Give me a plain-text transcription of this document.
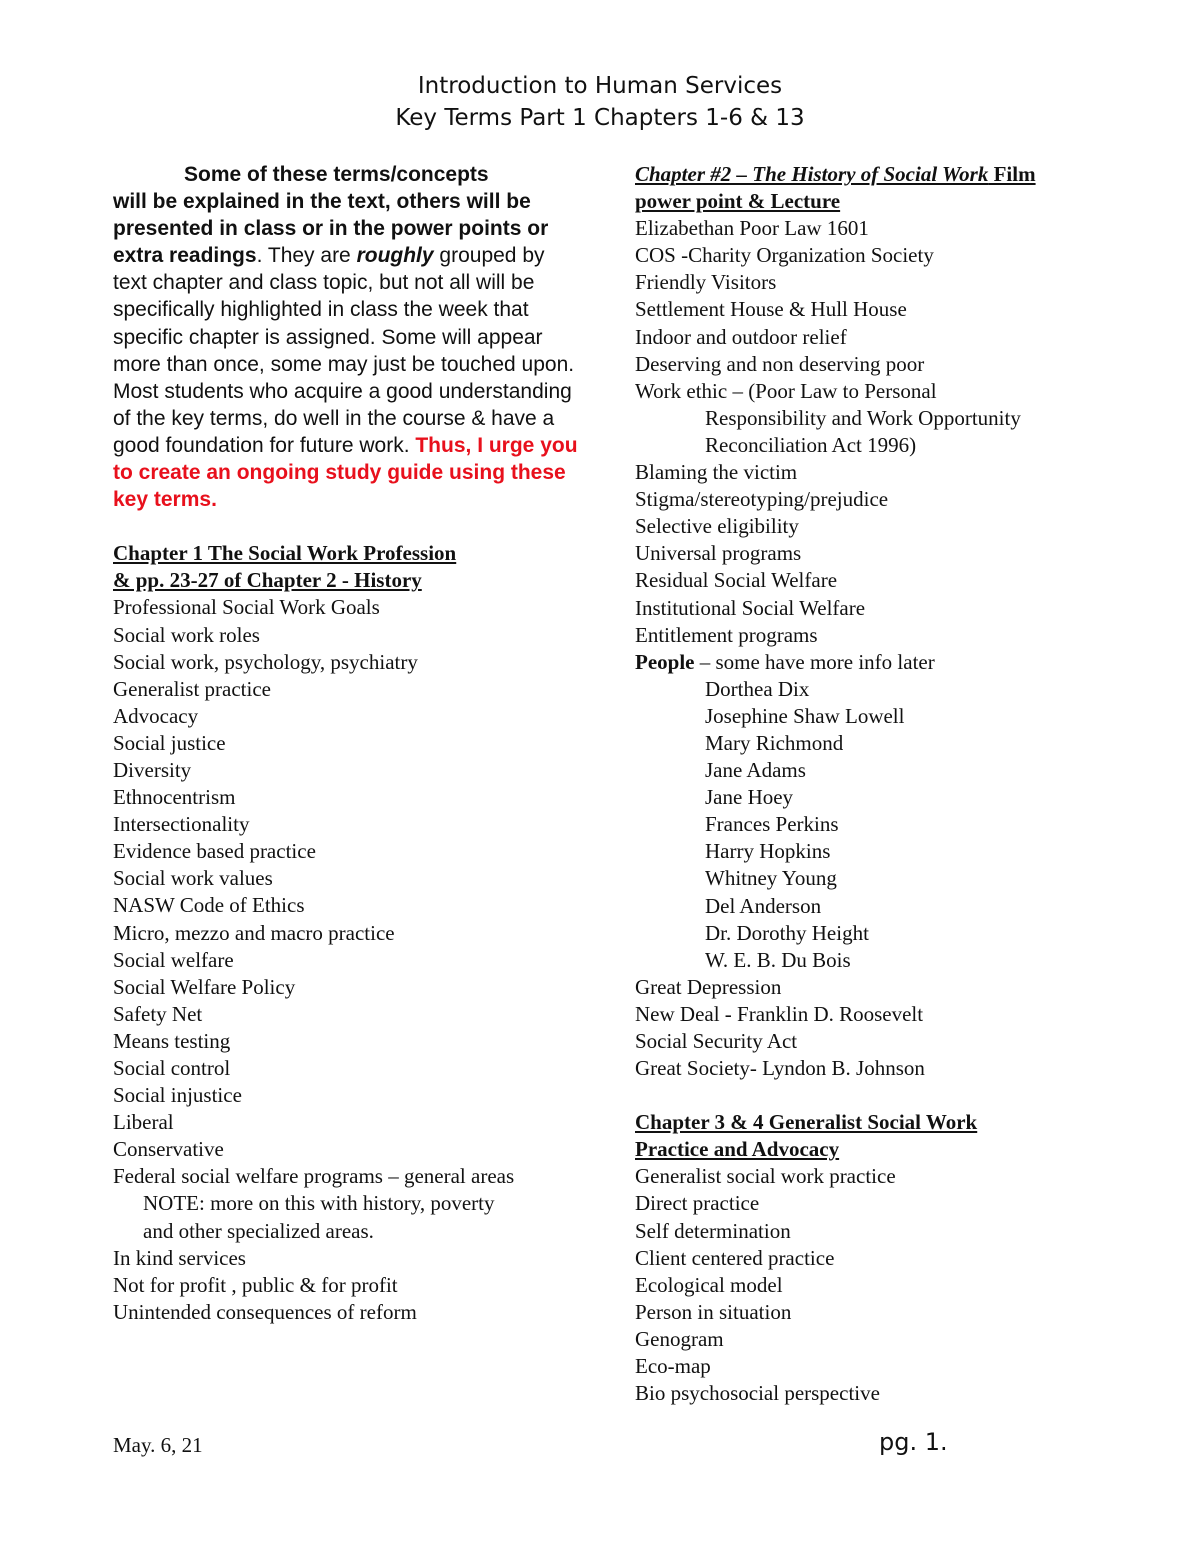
Introduction to Human Services
Key Terms Part 1 Chapters 1-6 & 13
Some of these terms/concepts
will be explained in the text, others will be presented in class or in the power points or extra readings. They are roughly grouped by text chapter and class topic, but not all will be specifically highlighted in class the week that specific chapter is assigned. Some will appear more than once, some may just be touched upon. Most students who acquire a good understanding of the key terms, do well in the course & have a good foundation for future work. Thus, I urge you to create an ongoing study guide using these key terms.
Chapter 1 The Social Work Profession
& pp. 23-27 of Chapter 2 - History
Professional Social Work Goals
Social work roles
Social work, psychology, psychiatry
Generalist practice
Advocacy
Social justice
Diversity
Ethnocentrism
Intersectionality
Evidence based practice
Social work values
NASW Code of Ethics
Micro, mezzo and macro practice
Social welfare
Social Welfare Policy
Safety Net
Means testing
Social control
Social injustice
Liberal
Conservative
Federal social welfare programs – general areas
NOTE: more on this with history, poverty
and other specialized areas.
In kind services
Not for profit , public & for profit
Unintended consequences of reform
Chapter #2 – The History of Social Work Film
power point & Lecture
Elizabethan Poor Law 1601
COS -Charity Organization Society
Friendly Visitors
Settlement House & Hull House
Indoor and outdoor relief
Deserving and non deserving poor
Work ethic – (Poor Law to Personal
Responsibility and Work Opportunity
Reconciliation Act 1996)
Blaming the victim
Stigma/stereotyping/prejudice
Selective eligibility
Universal programs
Residual Social Welfare
Institutional Social Welfare
Entitlement programs
People – some have more info later
Dorthea Dix
Josephine Shaw Lowell
Mary Richmond
Jane Adams
Jane Hoey
Frances Perkins
Harry Hopkins
Whitney Young
Del Anderson
Dr. Dorothy Height
W. E. B. Du Bois
Great Depression
New Deal - Franklin D. Roosevelt
Social Security Act
Great Society- Lyndon B. Johnson
Chapter 3 & 4 Generalist Social Work
Practice and Advocacy
Generalist social work practice
Direct practice
Self determination
Client centered practice
Ecological model
Person in situation
Genogram
Eco-map
Bio psychosocial perspective
May. 6, 21	pg. 1.
